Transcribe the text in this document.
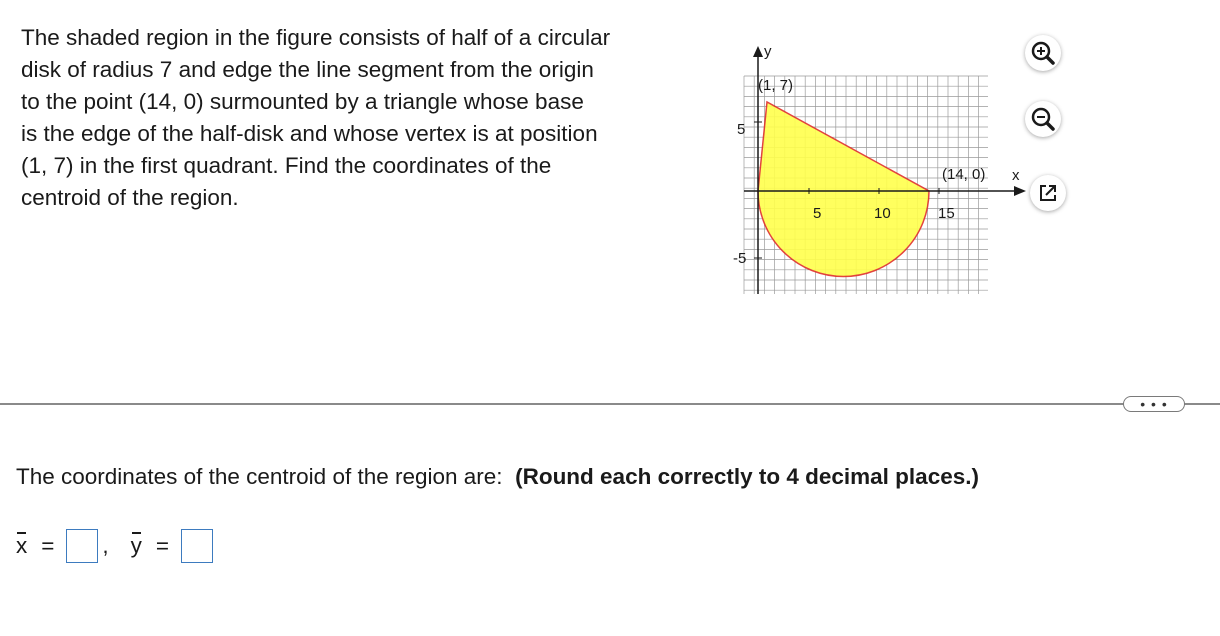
The shaded region in the figure consists of half of a circular
disk of radius 7 and edge the line segment from the origin
to the point (14, 0) surmounted by a triangle whose base
is the edge of the half-disk and whose vertex is at position
(1, 7) in the first quadrant. Find the coordinates of the
centroid of the region.
y
x
(1, 7)
(14, 0)
5	10	15
5
-5
• • •

The coordinates of the centroid of the region are: (Round each correctly to 4 decimal places.)

x = , y =
